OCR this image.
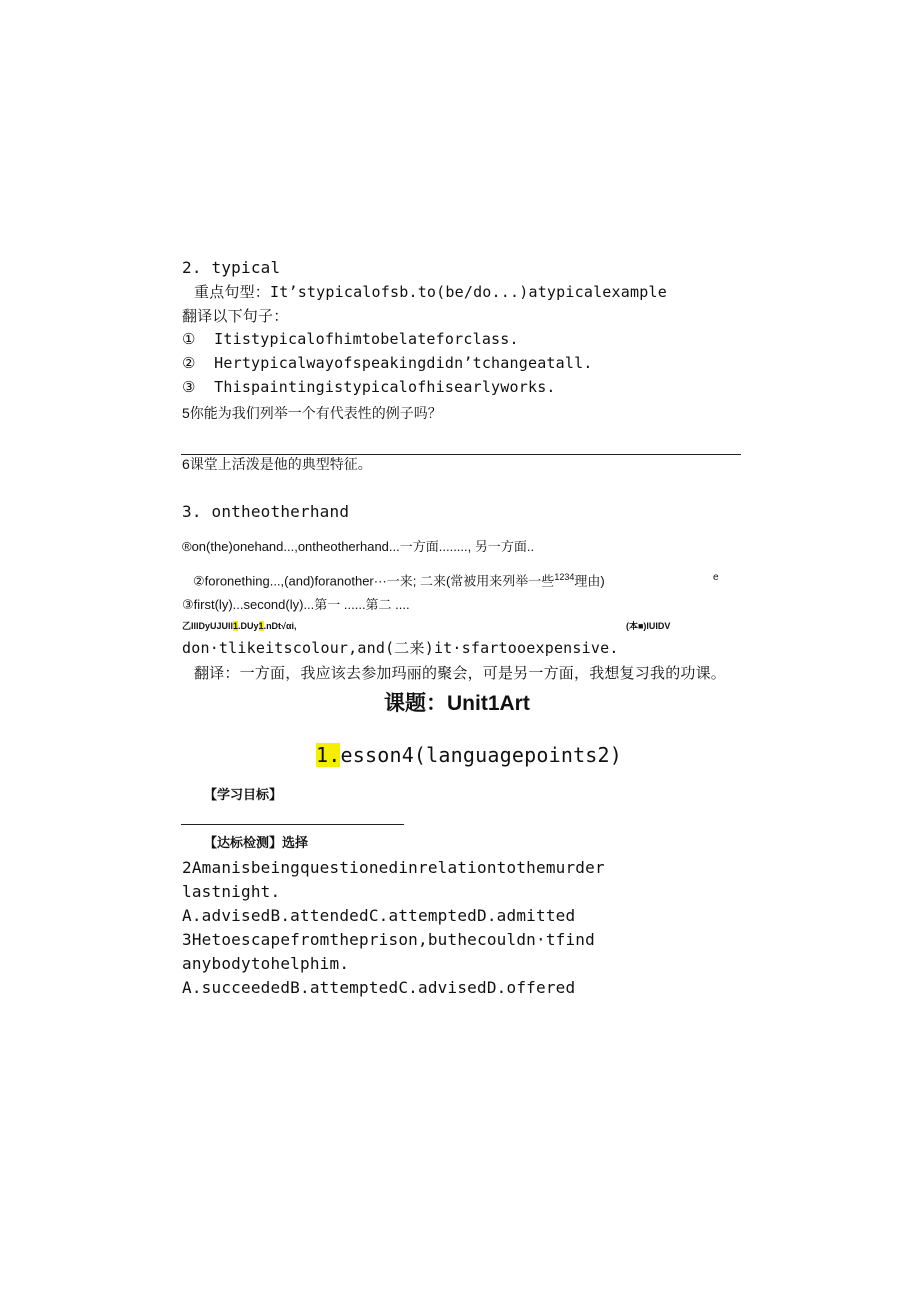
2. typical
重点句型：It’stypicalofsb.to(be/do...)atypicalexample
翻译以下句子：
① Itistypicalofhimtobelateforclass.
② Hertypicalwayofspeakingdidn’tchangeatall.
③ Thispaintingistypicalofhisearlyworks.
5你能为我们列举一个有代表性的例子吗？
6课堂上活泼是他的典型特征。
3. ontheotherhand
®on(the)onehand...,ontheotherhand...一方面........, 另一方面..
②foronething...,(and)foranother···一来; 二来(常被用来列举一些$^{1234}$理由)	e
③first(ly)...second(ly)...第一 ......第二 ....
乙IllDyUJUll1.DUy1.nDt√αi,	(本■)lUIDV
don·tlikeitscolour,and(二来)it·sfartooexpensive.
翻译：一方面，我应该去参加玛丽的聚会，可是另一方面，我想复习我的功课。
课题：Unit1Art
1.esson4(languagepoints2)
【学习目标】
【达标检测】选择
2Amanisbeingquestionedinrelationtothemurder
lastnight.
A.advisedB.attendedC.attemptedD.admitted
3Hetoescapefromtheprison,buthecouldn·tfind
anybodytohelphim.
A.succeededB.attemptedC.advisedD.offered
